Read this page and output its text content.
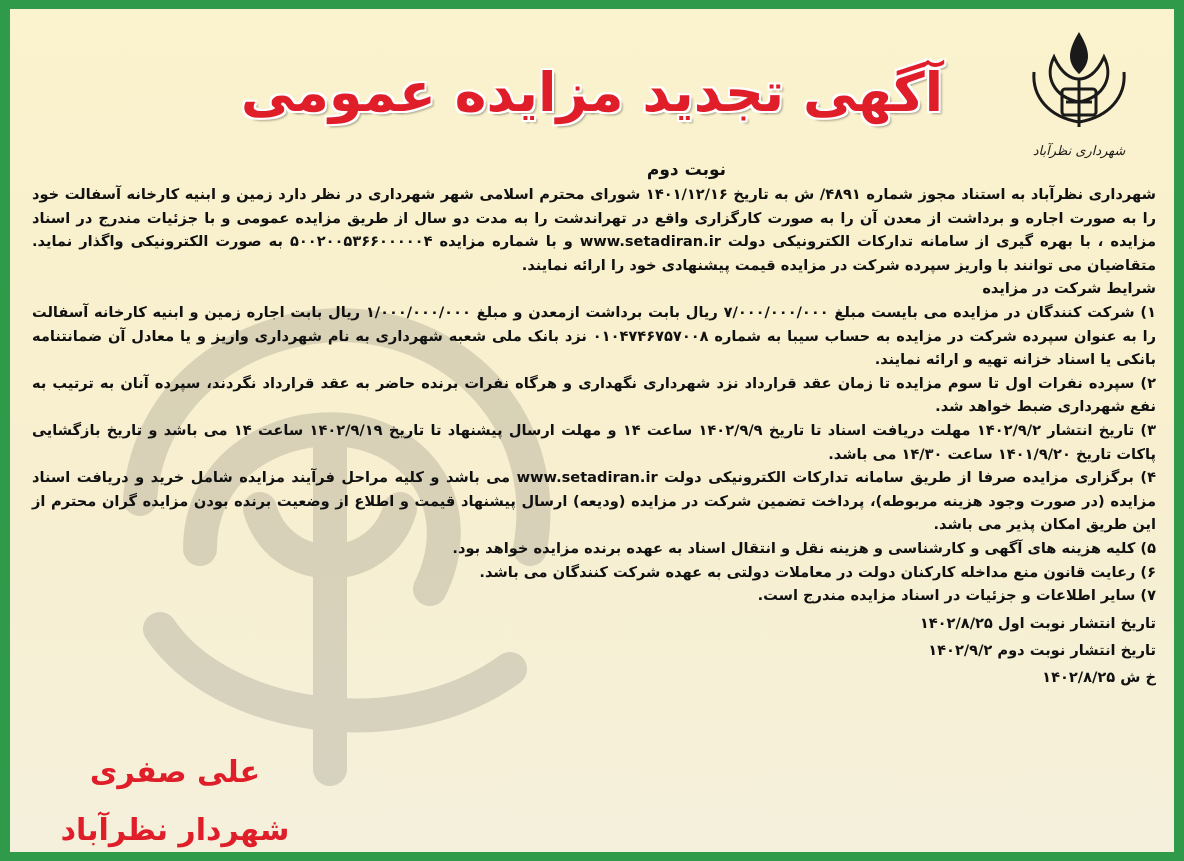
شهرداری نظرآباد
آگهی تجدید مزایده عمومی

نوبت دوم

شهرداری نظرآباد به استناد مجوز شماره ۴۸۹۱/ ش به تاریخ ۱۴۰۱/۱۲/۱۶ شورای محترم اسلامی شهر شهرداری در نظر دارد زمین و ابنیه کارخانه آسفالت خود را به صورت اجاره و برداشت از معدن آن را به صورت کارگزاری واقع در تهراندشت را به مدت دو سال از طریق مزایده عمومی و با جزئیات مندرج در اسناد مزایده ، با بهره گیری از سامانه تدارکات الکترونیکی دولت www.setadiran.ir و با شماره مزایده ۵۰۰۲۰۰۵۳۶۶۰۰۰۰۰۴ به صورت الکترونیکی واگذار نماید. متقاضیان می توانند با واریز سپرده شرکت در مزایده قیمت پیشنهادی خود را ارائه نمایند.

شرایط شرکت در مزایده

۱) شرکت کنندگان در مزایده می بایست مبلغ ۷/۰۰۰/۰۰۰/۰۰۰ ریال بابت برداشت ازمعدن و مبلغ ۱/۰۰۰/۰۰۰/۰۰۰ ریال بابت اجاره زمین و ابنیه کارخانه آسفالت را به عنوان سپرده شرکت در مزایده به حساب سیبا به شماره ۰۱۰۴۷۴۶۷۵۷۰۰۸ نزد بانک ملی شعبه شهرداری به نام شهرداری واریز و یا معادل آن ضمانتنامه بانکی یا اسناد خزانه تهیه و ارائه نمایند.

۲) سپرده نفرات اول تا سوم مزایده تا زمان عقد قرارداد نزد شهرداری نگهداری و هرگاه نفرات برنده حاضر به عقد قرارداد نگردند، سپرده آنان به ترتیب به نفع شهرداری ضبط خواهد شد.

۳) تاریخ انتشار ۱۴۰۲/۹/۲ مهلت دریافت اسناد تا تاریخ ۱۴۰۲/۹/۹ ساعت ۱۴ و مهلت ارسال پیشنهاد تا تاریخ ۱۴۰۲/۹/۱۹ ساعت ۱۴ می باشد و تاریخ بازگشایی پاکات تاریخ ۱۴۰۱/۹/۲۰ ساعت ۱۴/۳۰ می باشد.

۴) برگزاری مزایده صرفا از طریق سامانه تدارکات الکترونیکی دولت www.setadiran.ir می باشد و کلیه مراحل فرآیند مزایده شامل خرید و دریافت اسناد مزایده (در صورت وجود هزینه مربوطه)، پرداخت تضمین شرکت در مزایده (ودیعه) ارسال پیشنهاد قیمت و اطلاع از وضعیت برنده بودن مزایده گران محترم از این طریق امکان پذیر می باشد.

۵) کلیه هزینه های آگهی و کارشناسی و هزینه نقل و انتقال اسناد به عهده برنده مزایده خواهد بود.

۶) رعایت قانون منع مداخله کارکنان دولت در معاملات دولتی به عهده شرکت کنندگان می باشد.

۷) سایر اطلاعات و جزئیات در اسناد مزایده مندرج است.

تاریخ انتشار نوبت اول ۱۴۰۲/۸/۲۵

تاریخ انتشار نوبت دوم ۱۴۰۲/۹/۲

خ ش ۱۴۰۲/۸/۲۵

علی صفری
شهردار نظرآباد
